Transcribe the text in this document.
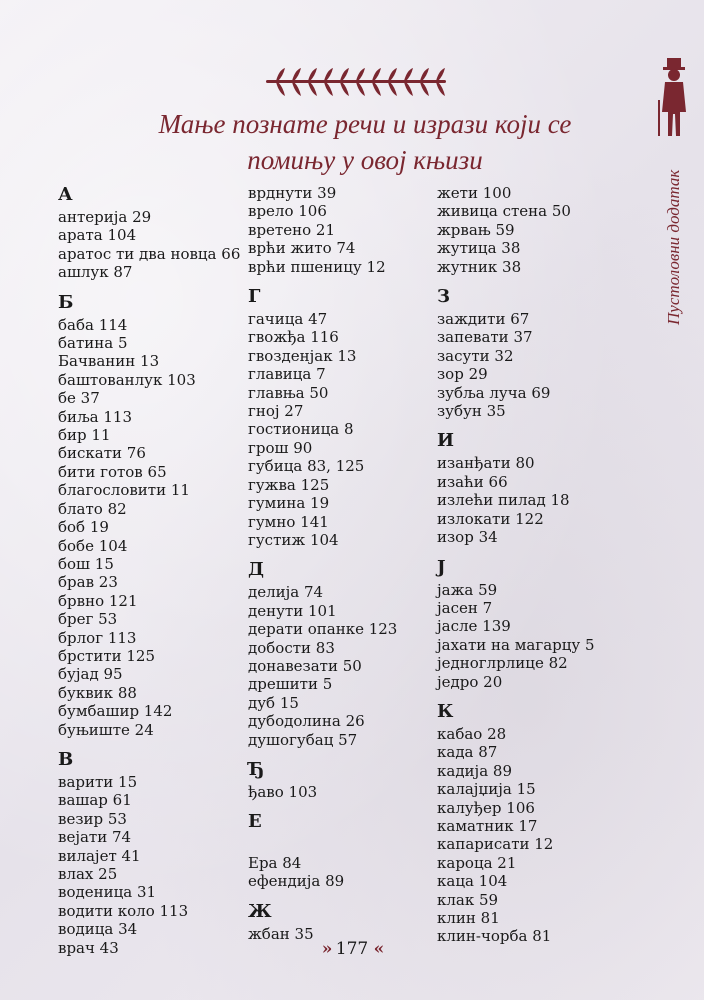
Мање познате речи и изрази који се
помињу у овој књизи
Пустоловни додатак
А
антерија 29
арата 104
аратос ти два новца 66
ашлук 87
Б
баба 114
батина 5
Бачванин 13
баштованлук 103
бе 37
биља 113
бир 11
бискати 76
бити готов 65
благословити 11
блато 82
боб 19
бобе 104
бош 15
брав 23
брвно 121
брег 53
брлог 113
брстити 125
бујад 95
буквик 88
бумбашир 142
буњиште 24
В
варити 15
вашар 61
везир 53
вејати 74
вилајет 41
влах 25
воденица 31
водити коло 113
водица 34
врач 43
врднути 39
врело 106
вретено 21
врћи жито 74
врћи пшеницу 12
Г
гачица 47
гвожђа 116
гвозденјак 13
главица 7
главња 50
гној 27
гостионица 8
грош 90
губица 83, 125
гужва 125
гумина 19
гумно 141
густиж 104
Д
делија 74
денути 101
дерати опанке 123
добости 83
донавезати 50
дрешити 5
дуб 15
дубодолина 26
душогубац 57
Ђ
ђаво 103
Е

Ера 84
ефендија 89
Ж
жбан 35
жети 100
живица стена 50
жрвањ 59
жутица 38
жутник 38
З
заждити 67
запевати 37
засути 32
зор 29
зубља луча 69
зубун 35
И
изанђати 80
изаћи 66
излећи пилад 18
излокати 122
изор 34
Ј
јажа 59
јасен 7
јасле 139
јахати на магарцу 5
једноглрлице 82
једро 20
К
кабао 28
када 87
кадија 89
калајџија 15
калуђер 106
каматник 17
капарисати 12
кароца 21
каца 104
клак 59
клин 81
клин-чорба 81
» 177 «
